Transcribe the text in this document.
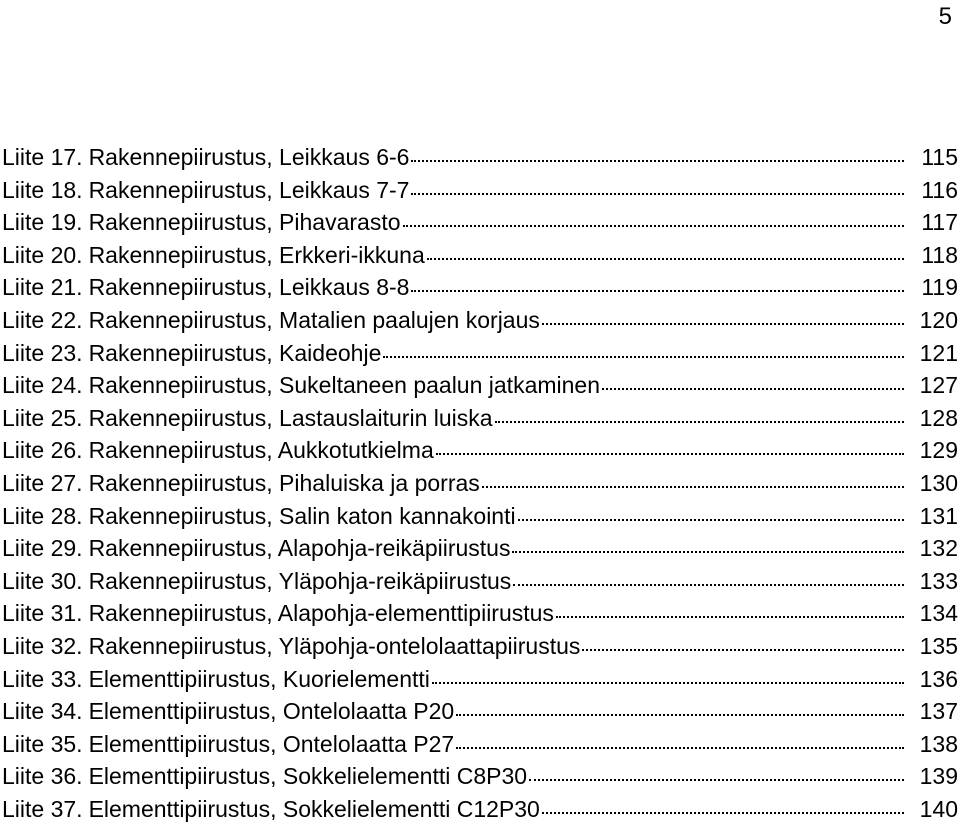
5
Liite 17. Rakennepiirustus, Leikkaus 6-6	115
Liite 18. Rakennepiirustus, Leikkaus 7-7	116
Liite 19. Rakennepiirustus, Pihavarasto	117
Liite 20. Rakennepiirustus, Erkkeri-ikkuna	118
Liite 21. Rakennepiirustus, Leikkaus 8-8	119
Liite 22. Rakennepiirustus, Matalien paalujen korjaus	120
Liite 23. Rakennepiirustus, Kaideohje	121
Liite 24. Rakennepiirustus, Sukeltaneen paalun jatkaminen	127
Liite 25. Rakennepiirustus, Lastauslaiturin luiska	128
Liite 26. Rakennepiirustus, Aukkotutkielma	129
Liite 27. Rakennepiirustus, Pihaluiska ja porras	130
Liite 28. Rakennepiirustus, Salin katon kannakointi	131
Liite 29. Rakennepiirustus, Alapohja-reikäpiirustus	132
Liite 30. Rakennepiirustus, Yläpohja-reikäpiirustus	133
Liite 31. Rakennepiirustus, Alapohja-elementtipiirustus	134
Liite 32. Rakennepiirustus, Yläpohja-ontelolaattapiirustus	135
Liite 33. Elementtipiirustus, Kuorielementti	136
Liite 34. Elementtipiirustus, Ontelolaatta P20	137
Liite 35. Elementtipiirustus, Ontelolaatta P27	138
Liite 36. Elementtipiirustus, Sokkelielementti C8P30	139
Liite 37. Elementtipiirustus, Sokkelielementti C12P30	140
